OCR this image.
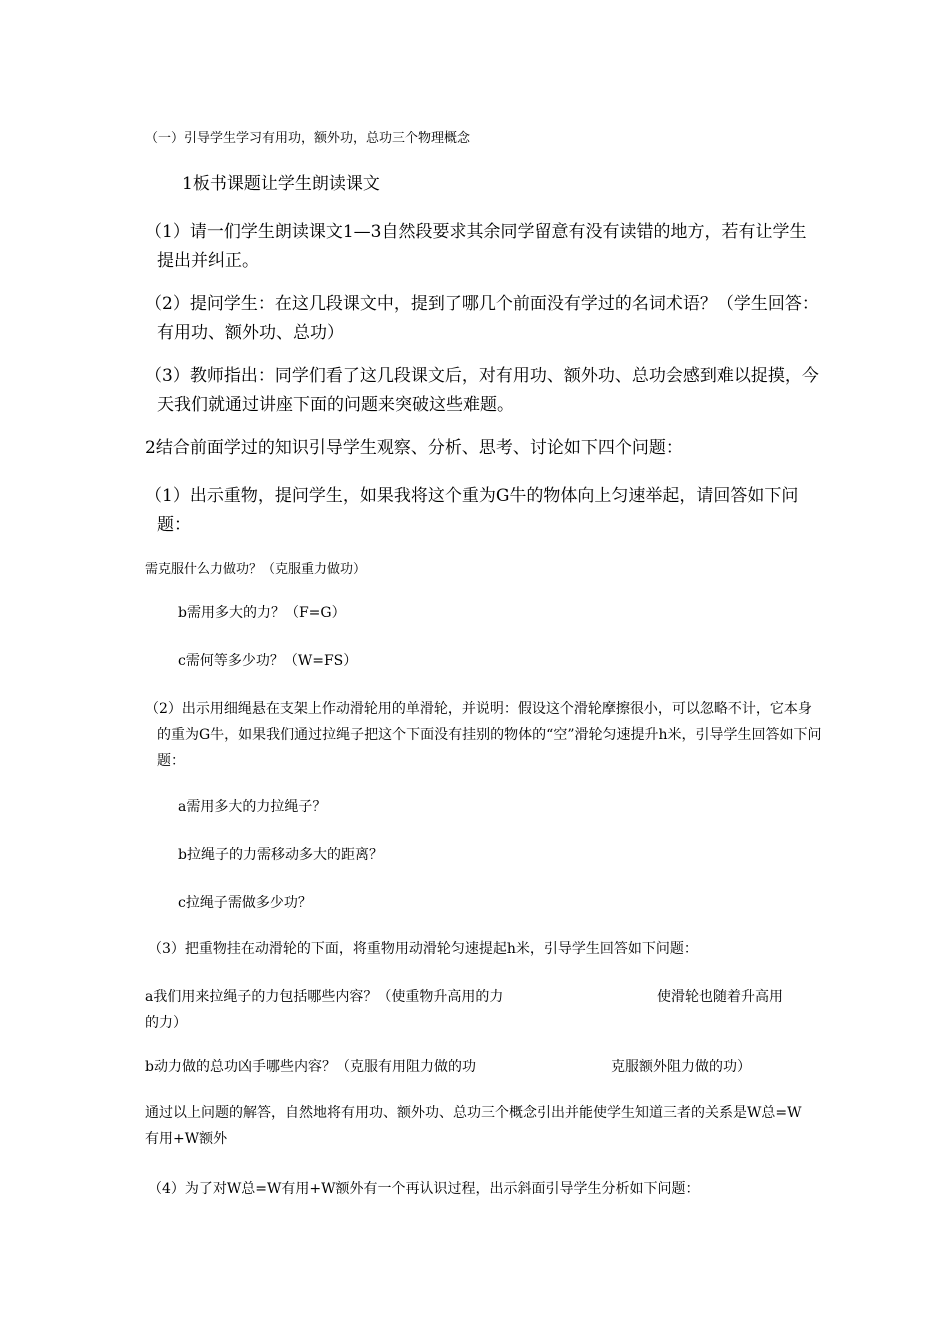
（一）引导学生学习有用功，额外功，总功三个物理概念

1板书课题让学生朗读课文

（1）请一们学生朗读课文1—3自然段要求其余同学留意有没有读错的地方，若有让学生提出并纠正。

（2）提问学生：在这几段课文中，提到了哪几个前面没有学过的名词术语？（学生回答：有用功、额外功、总功）

（3）教师指出：同学们看了这几段课文后，对有用功、额外功、总功会感到难以捉摸，今天我们就通过讲座下面的问题来突破这些难题。

2结合前面学过的知识引导学生观察、分析、思考、讨论如下四个问题：

（1）出示重物，提问学生，如果我将这个重为G牛的物体向上匀速举起，请回答如下问题：

需克服什么力做功？（克服重力做功）

b需用多大的力？（F=G）

c需何等多少功？（W=FS）

（2）出示用细绳悬在支架上作动滑轮用的单滑轮，并说明：假设这个滑轮摩擦很小，可以忽略不计，它本身的重为G牛，如果我们通过拉绳子把这个下面没有挂别的物体的“空”滑轮匀速提升h米，引导学生回答如下问题：

a需用多大的力拉绳子？

b拉绳子的力需移动多大的距离？

c拉绳子需做多少功？

（3）把重物挂在动滑轮的下面，将重物用动滑轮匀速提起h米，引导学生回答如下问题：

a我们用来拉绳子的力包括哪些内容？（使重物升高用的力	使滑轮也随着升高用

的力）
b动力做的总功凶手哪些内容？（克服有用阻力做的功	克服额外阻力做的功）

通过以上问题的解答，自然地将有用功、额外功、总功三个概念引出并能使学生知道三者的关系是W总=W有用+W额外

（4）为了对W总=W有用+W额外有一个再认识过程，出示斜面引导学生分析如下问题：
